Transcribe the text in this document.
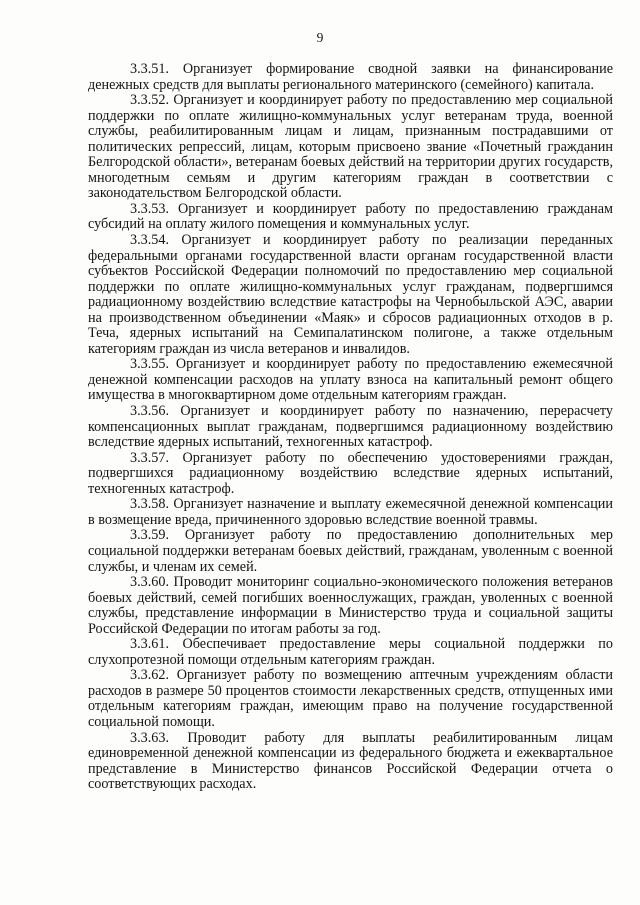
9

3.3.51. Организует формирование сводной заявки на финансирование денежных средств для выплаты регионального материнского (семейного) капитала.

3.3.52. Организует и координирует работу по предоставлению мер социальной поддержки по оплате жилищно-коммунальных услуг ветеранам труда, военной службы, реабилитированным лицам и лицам, признанным пострадавшими от политических репрессий, лицам, которым присвоено звание «Почетный гражданин Белгородской области», ветеранам боевых действий на территории других государств, многодетным семьям и другим категориям граждан в соответствии с законодательством Белгородской области.

3.3.53. Организует и координирует работу по предоставлению гражданам субсидий на оплату жилого помещения и коммунальных услуг.

3.3.54. Организует и координирует работу по реализации переданных федеральными органами государственной власти органам государственной власти субъектов Российской Федерации полномочий по предоставлению мер социальной поддержки по оплате жилищно-коммунальных услуг гражданам, подвергшимся радиационному воздействию вследствие катастрофы на Чернобыльской АЭС, аварии на производственном объединении «Маяк» и сбросов радиационных отходов в р. Теча, ядерных испытаний на Семипалатинском полигоне, а также отдельным категориям граждан из числа ветеранов и инвалидов.

3.3.55. Организует и координирует работу по предоставлению ежемесячной денежной компенсации расходов на уплату взноса на капитальный ремонт общего имущества в многоквартирном доме отдельным категориям граждан.

3.3.56. Организует и координирует работу по назначению, перерасчету компенсационных выплат гражданам, подвергшимся радиационному воздействию вследствие ядерных испытаний, техногенных катастроф.

3.3.57. Организует работу по обеспечению удостоверениями граждан, подвергшихся радиационному воздействию вследствие ядерных испытаний, техногенных катастроф.

3.3.58. Организует назначение и выплату ежемесячной денежной компенсации в возмещение вреда, причиненного здоровью вследствие военной травмы.

3.3.59. Организует работу по предоставлению дополнительных мер социальной поддержки ветеранам боевых действий, гражданам, уволенным с военной службы, и членам их семей.

3.3.60. Проводит мониторинг социально-экономического положения ветеранов боевых действий, семей погибших военнослужащих, граждан, уволенных с военной службы, представление информации в Министерство труда и социальной защиты Российской Федерации по итогам работы за год.

3.3.61. Обеспечивает предоставление меры социальной поддержки по слухопротезной помощи отдельным категориям граждан.

3.3.62. Организует работу по возмещению аптечным учреждениям области расходов в размере 50 процентов стоимости лекарственных средств, отпущенных ими отдельным категориям граждан, имеющим право на получение государственной социальной помощи.

3.3.63. Проводит работу для выплаты реабилитированным лицам единовременной денежной компенсации из федерального бюджета и ежеквартальное представление в Министерство финансов Российской Федерации отчета о соответствующих расходах.
